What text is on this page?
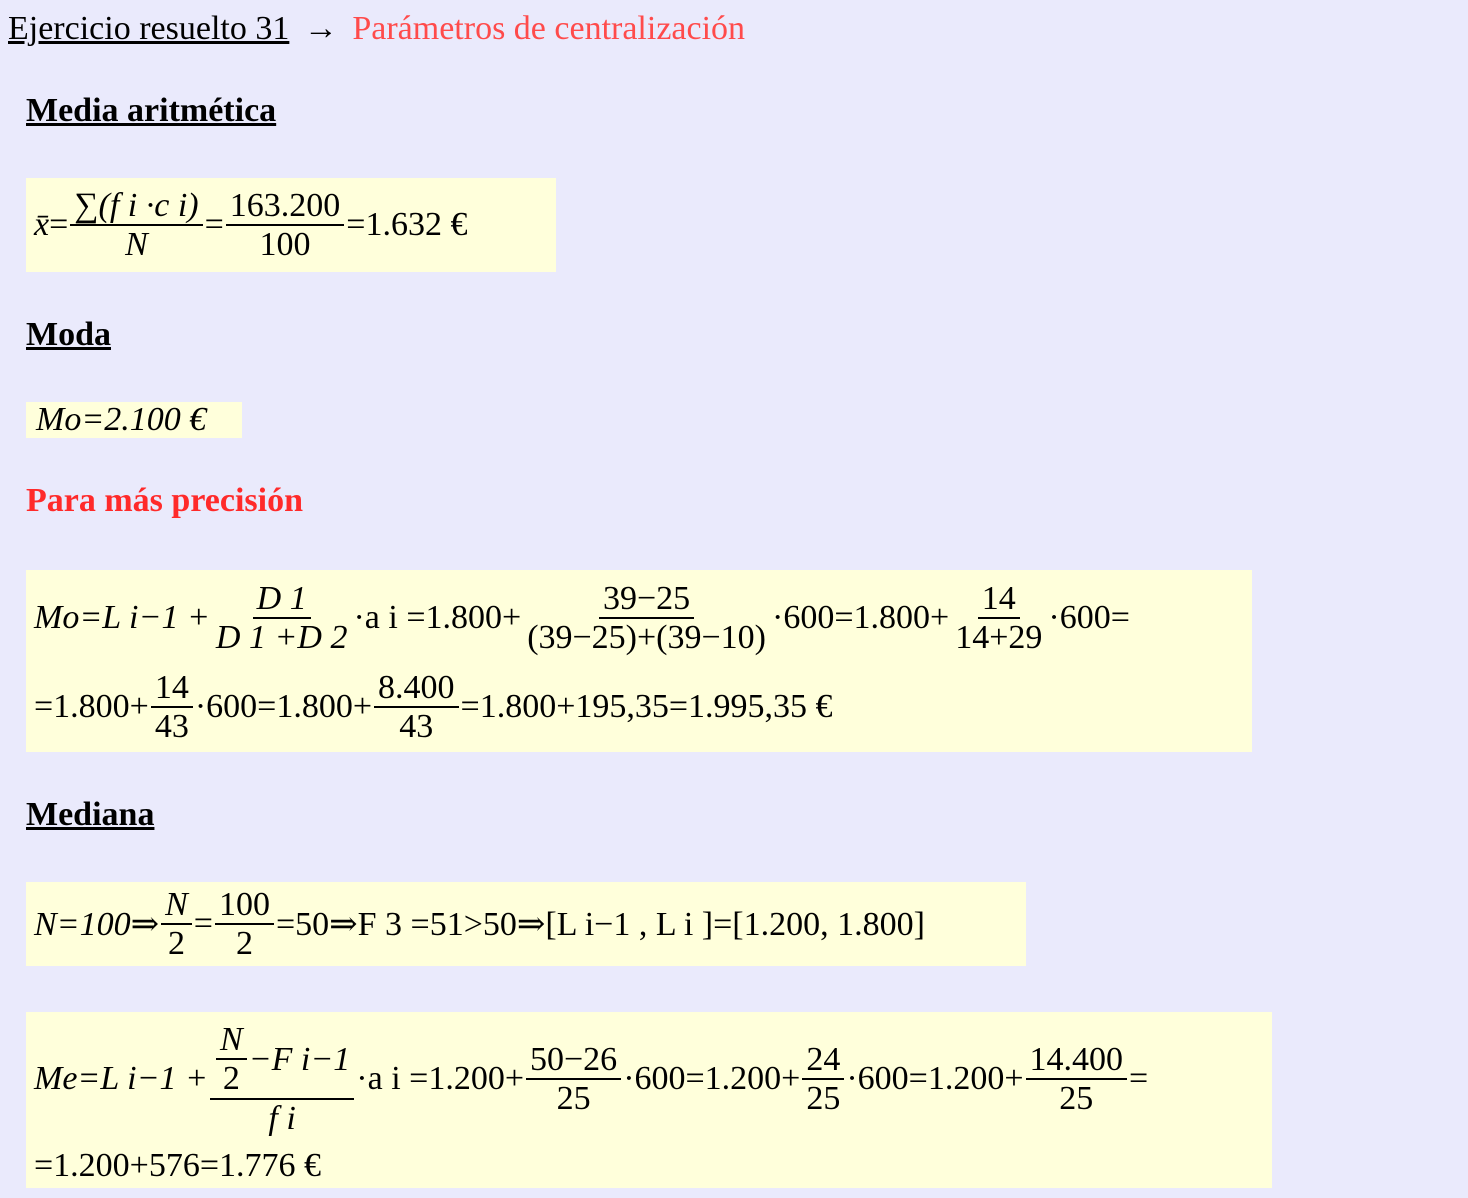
Ejercicio resuelto 31 → Parámetros de centralización
Media aritmética
x̄ = $\frac{\text{∑(f i ·c i)}}{N} = \frac{163.200}{100} =1.632$ €
Moda
Mo=2.100 €
Para más precisión
Mo=L $i-1 + \frac{D 1}{D 1 +D 2} \cdot a$ $i =1.800+ \frac{39-25}{(39-25)+(39-10)} \cdot 600=1.800+ \frac{14}{14+29} \cdot 600=$
$=1.800+ \frac{14}{43} \cdot 600=1.800+ \frac{8.400}{43} =1.800+195,35=1.995,35$ €
Mediana
N=100⇒ $\frac{N}{2} = \frac{100}{2}$ =50⇒F 3 =51>50⇒[L i−1 , L i ]=[1.200, 1.800]
Me=L $i-1 + \frac{\frac{N}{2} -F i-1}{\text{f i}} \cdot a$ $i =1.200+ \frac{50-26}{25} \cdot 600=1.200+ \frac{24}{25} \cdot 600=1.200+ \frac{14.400}{25}$ =
=1.200+576=1.776 €
